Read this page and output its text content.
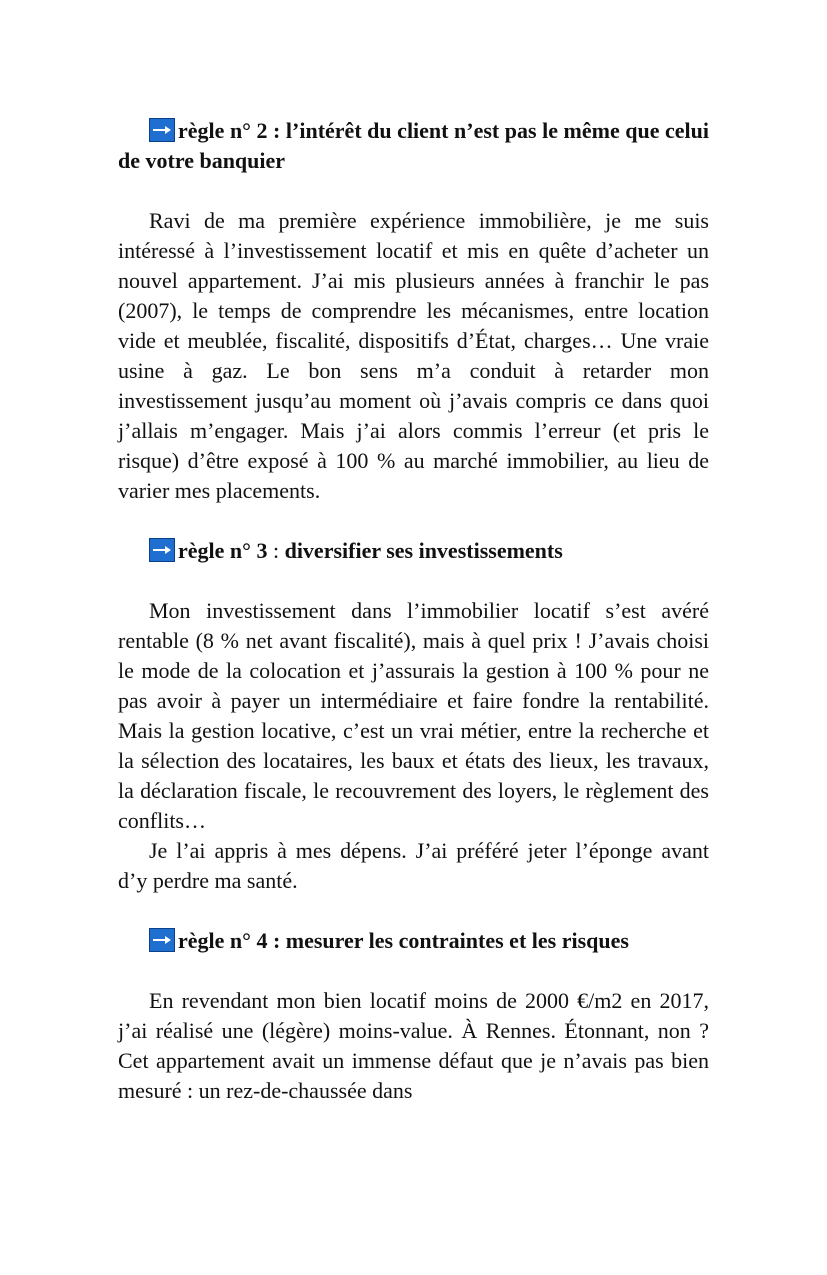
règle n° 2 : l’intérêt du client n’est pas le même que celui de votre banquier

Ravi de ma première expérience immobilière, je me suis intéressé à l’investissement locatif et mis en quête d’acheter un nouvel appartement. J’ai mis plusieurs années à franchir le pas (2007), le temps de comprendre les mécanismes, entre location vide et meublée, fiscalité, dispositifs d’État, charges… Une vraie usine à gaz. Le bon sens m’a conduit à retarder mon investissement jusqu’au moment où j’avais compris ce dans quoi j’allais m’engager. Mais j’ai alors commis l’erreur (et pris le risque) d’être exposé à 100 % au marché immobilier, au lieu de varier mes placements.

règle n° 3 : diversifier ses investissements

Mon investissement dans l’immobilier locatif s’est avéré rentable (8 % net avant fiscalité), mais à quel prix ! J’avais choisi le mode de la colocation et j’assurais la gestion à 100 % pour ne pas avoir à payer un intermédiaire et faire fondre la rentabilité. Mais la gestion locative, c’est un vrai métier, entre la recherche et la sélection des locataires, les baux et états des lieux, les travaux, la déclaration fiscale, le recouvrement des loyers, le règlement des conflits…

Je l’ai appris à mes dépens. J’ai préféré jeter l’éponge avant d’y perdre ma santé.

règle n° 4 : mesurer les contraintes et les risques

En revendant mon bien locatif moins de 2000 €/m2 en 2017, j’ai réalisé une (légère) moins-value. À Rennes. Étonnant, non ? Cet appartement avait un immense défaut que je n’avais pas bien mesuré : un rez-de-chaussée dans
